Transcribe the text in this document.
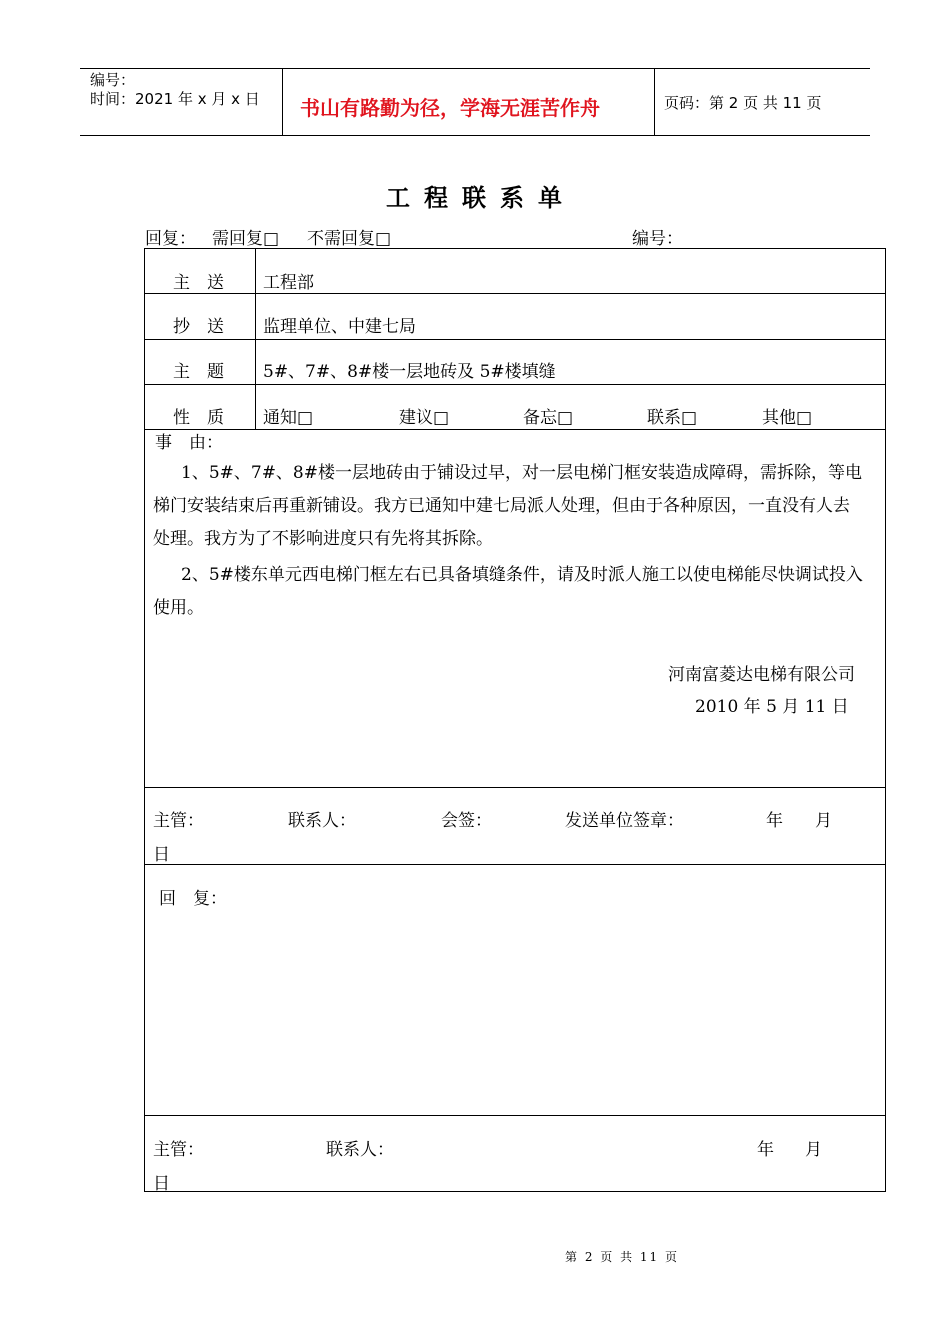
编号：
时间：2021 年 x 月 x 日 书山有路勤为径，学海无涯苦作舟	页码：第 2 页 共 11 页
工程联系单
回复： 需回复□ 不需回复□	编号：
主　送 工程部
抄　送 监理单位、中建七局
主　题 5#、7#、8#楼一层地砖及 5#楼填缝
性　质 通知□	建议□	备忘□	联系□	其他□
事　由：
1、5#、7#、8#楼一层地砖由于铺设过早，对一层电梯门框安装造成障碍，需拆除，等电梯门安装结束后再重新铺设。我方已通知中建七局派人处理，但由于各种原因，一直没有人去处理。我方为了不影响进度只有先将其拆除。
2、5#楼东单元西电梯门框左右已具备填缝条件，请及时派人施工以使电梯能尽快调试投入使用。
河南富菱达电梯有限公司
2010 年 5 月 11 日
主管：	联系人：	会签：	发送单位签章：	年 月
日
回　复：
主管：	联系人：	年 月
日
第 2 页 共 11 页
